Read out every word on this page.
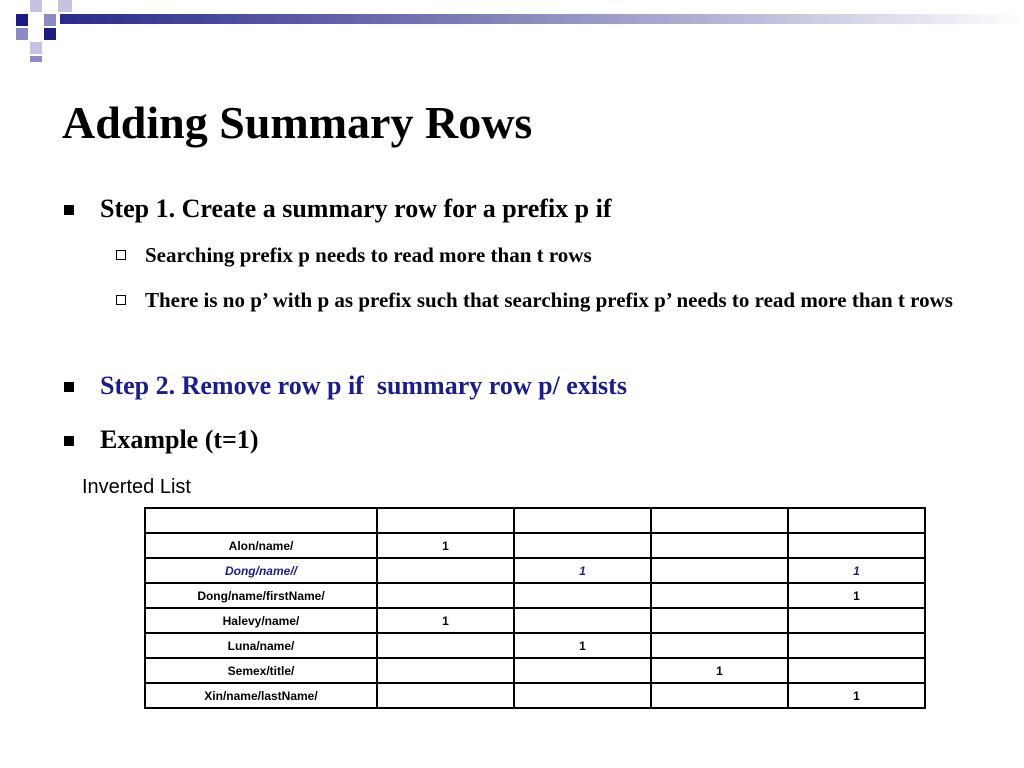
Adding Summary Rows
Step 1. Create a summary row for a prefix p if
Searching prefix p needs to read more than t rows
There is no p’ with p as prefix such that searching prefix p’ needs to read more than t rows
Step 2. Remove row p if  summary row p/ exists
Example (t=1)
Inverted List

Alon/name/	1			
Dong/name//		1		1
Dong/name/firstName/				1
Halevy/name/	1			
Luna/name/		1		
Semex/title/			1	
Xin/name/lastName/				1
